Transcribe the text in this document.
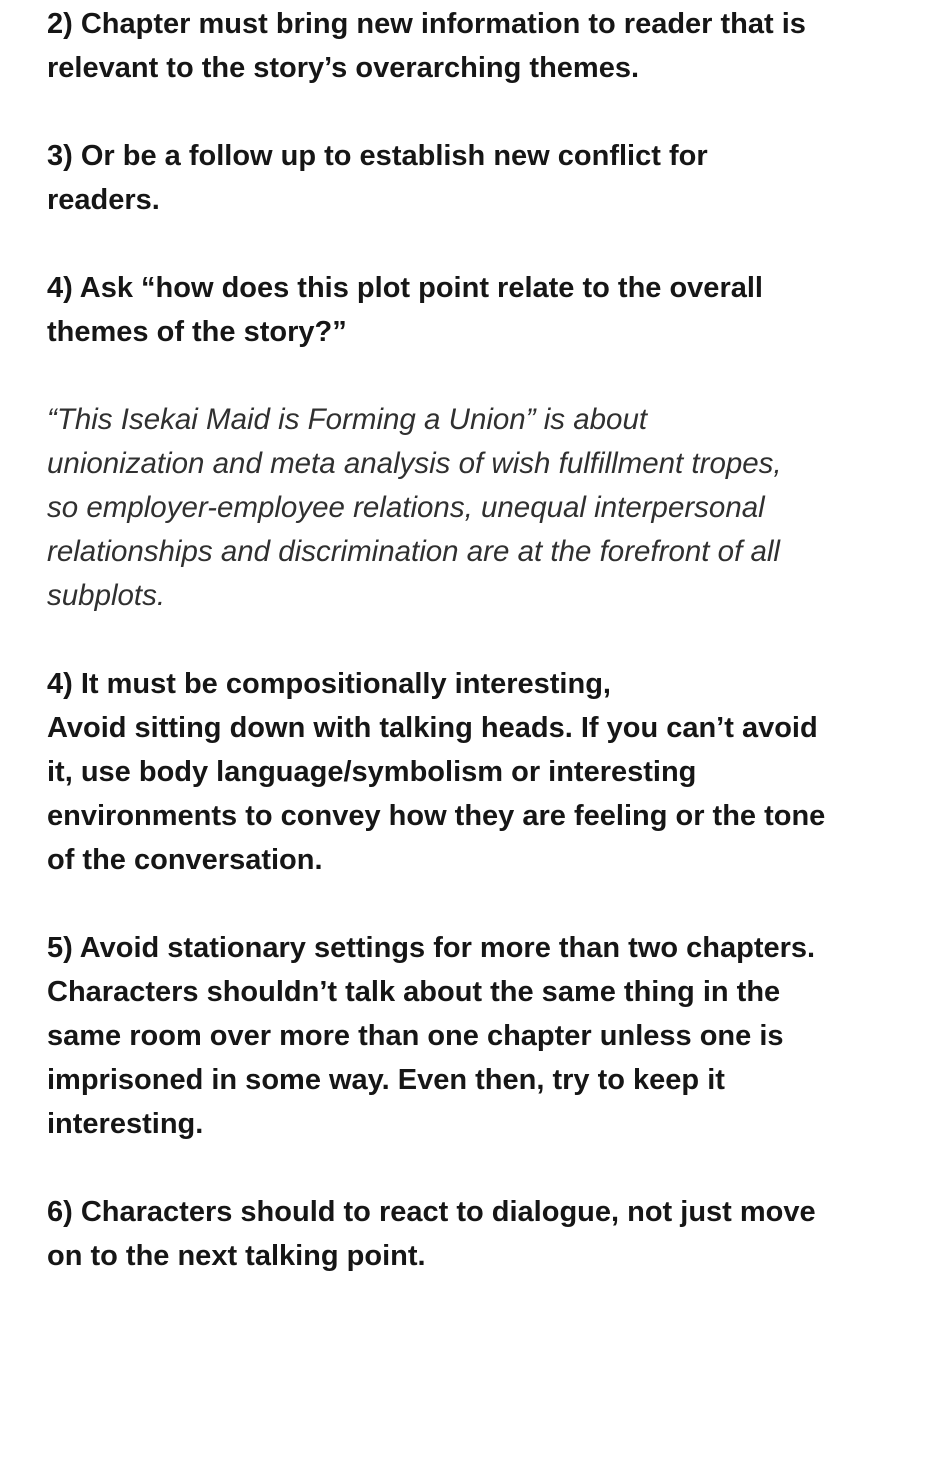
2) Chapter must bring new information to reader that is
relevant to the story’s overarching themes.
3) Or be a follow up to establish new conflict for
readers.
4) Ask “how does this plot point relate to the overall
themes of the story?”
“This Isekai Maid is Forming a Union” is about
unionization and meta analysis of wish fulfillment tropes,
so employer-employee relations, unequal interpersonal
relationships and discrimination are at the forefront of all
subplots.
4) It must be compositionally interesting,
Avoid sitting down with talking heads. If you can’t avoid
it, use body language/symbolism or interesting
environments to convey how they are feeling or the tone
of the conversation.
5) Avoid stationary settings for more than two chapters.
Characters shouldn’t talk about the same thing in the
same room over more than one chapter unless one is
imprisoned in some way. Even then, try to keep it
interesting.
6) Characters should to react to dialogue, not just move
on to the next talking point.
